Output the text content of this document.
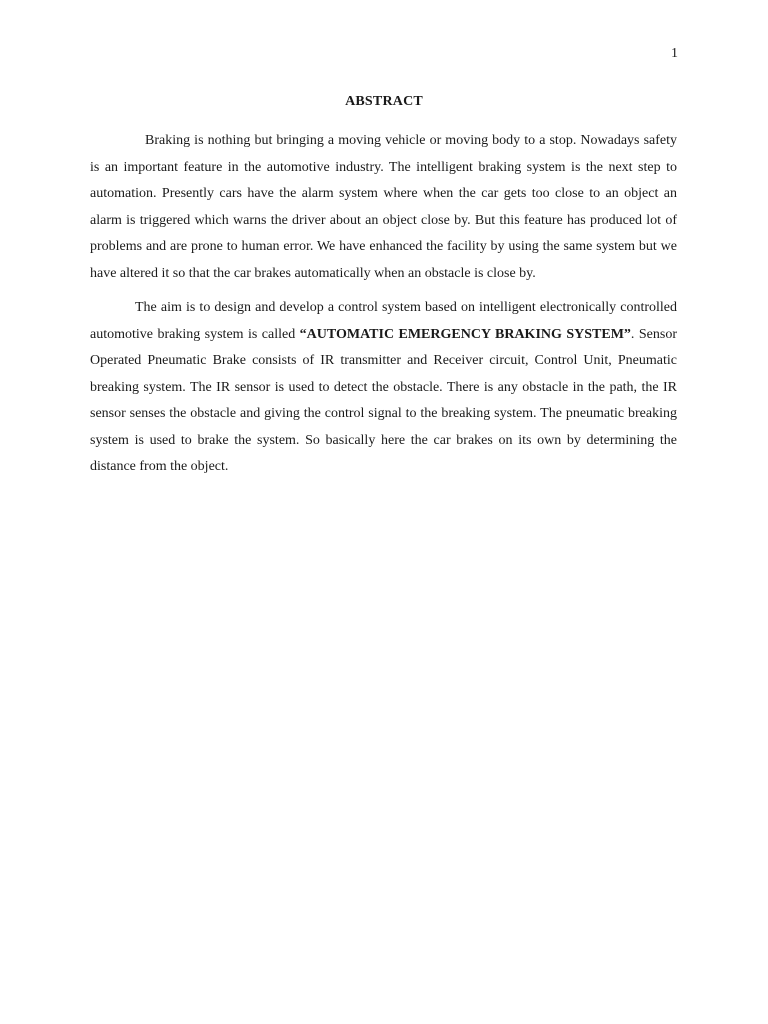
1
ABSTRACT

Braking is nothing but bringing a moving vehicle or moving body to a stop. Nowadays safety is an important feature in the automotive industry. The intelligent braking system is the next step to automation. Presently cars have the alarm system where when the car gets too close to an object an alarm is triggered which warns the driver about an object close by. But this feature has produced lot of problems and are prone to human error. We have enhanced the facility by using the same system but we have altered it so that the car brakes automatically when an obstacle is close by.

The aim is to design and develop a control system based on intelligent electronically controlled automotive braking system is called “AUTOMATIC EMERGENCY BRAKING SYSTEM”. Sensor Operated Pneumatic Brake consists of IR transmitter and Receiver circuit, Control Unit, Pneumatic breaking system. The IR sensor is used to detect the obstacle. There is any obstacle in the path, the IR sensor senses the obstacle and giving the control signal to the breaking system. The pneumatic breaking system is used to brake the system. So basically here the car brakes on its own by determining the distance from the object.
